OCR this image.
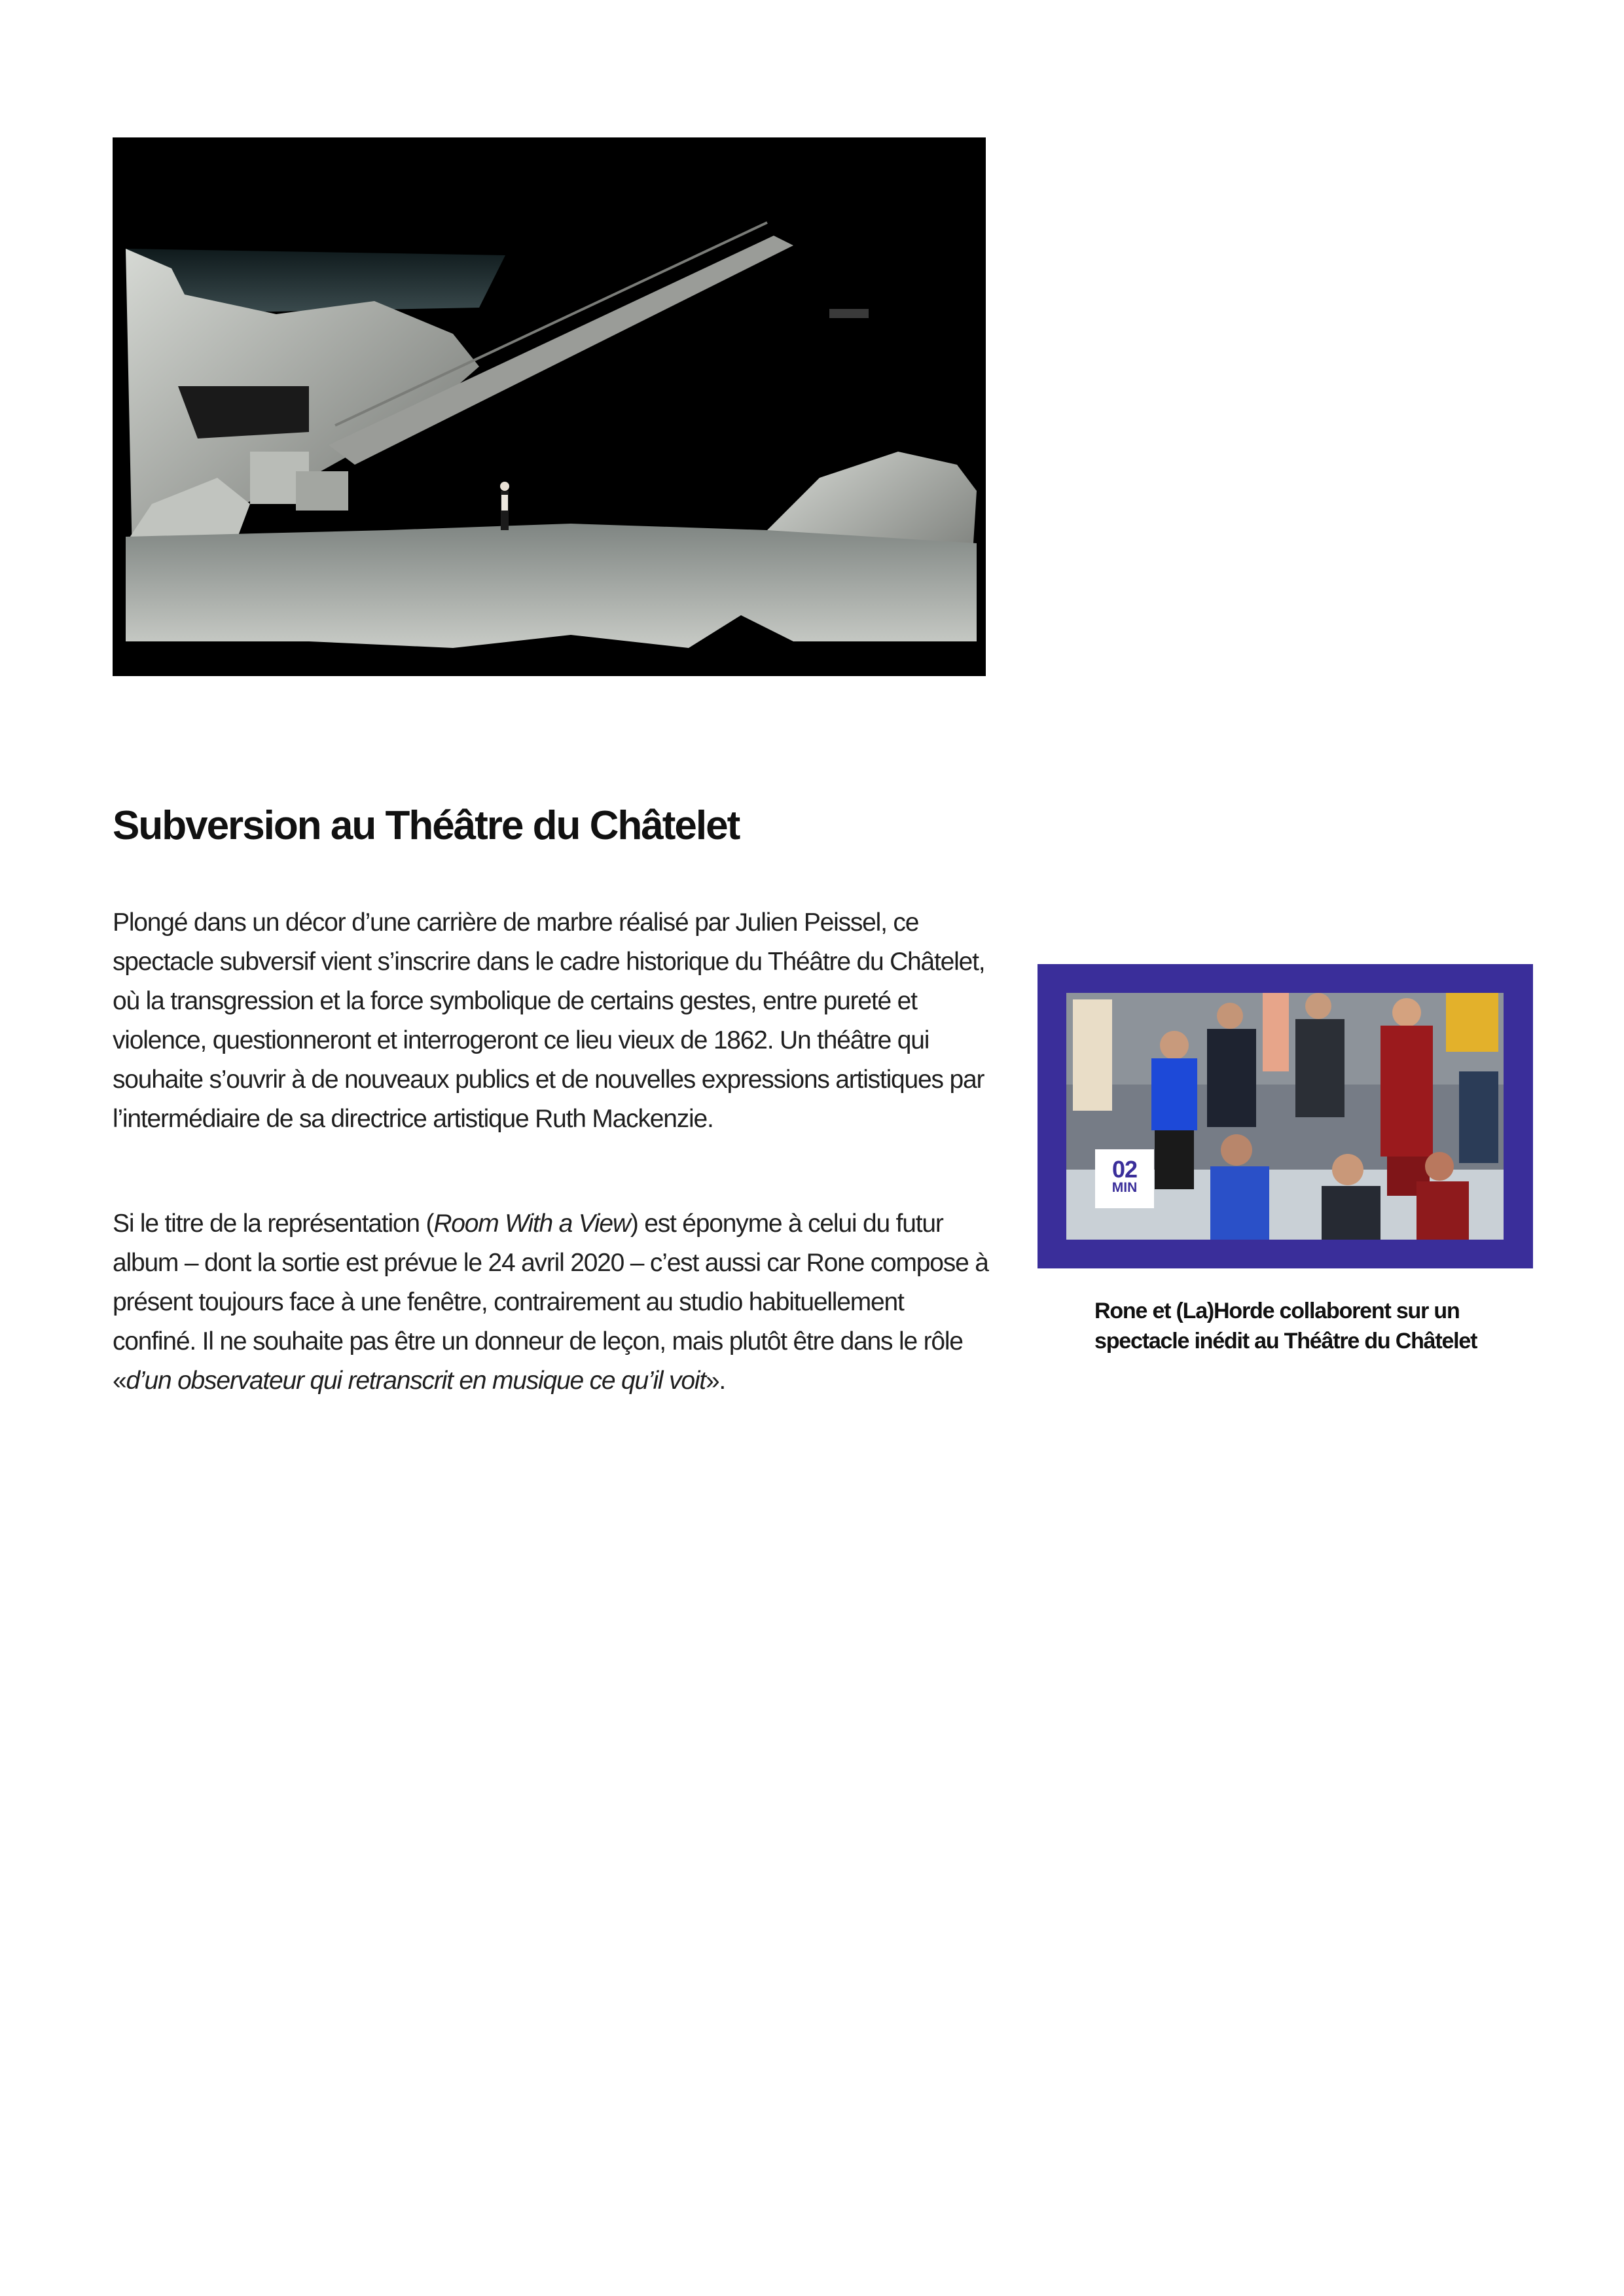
Subversion au Théâtre du Châtelet

Plongé dans un décor d’une carrière de marbre réalisé par Julien Peissel, ce spectacle subversif vient s’inscrire dans le cadre historique du Théâtre du Châtelet, où la transgression et la force symbolique de certains gestes, entre pureté et violence, questionneront et interrogeront ce lieu vieux de 1862. Un théâtre qui souhaite s’ouvrir à de nouveaux publics et de nouvelles expressions artistiques par l’intermédiaire de sa directrice artistique Ruth Mackenzie.

Si le titre de la représentation (Room With a View) est éponyme à celui du futur album – dont la sortie est prévue le 24 avril 2020 – c’est aussi car Rone compose à présent toujours face à une fenêtre, contrairement au studio habituellement confiné. Il ne souhaite pas être un donneur de leçon, mais plutôt être dans le rôle «d’un observateur qui retranscrit en musique ce qu’il voit».

02
MIN

Rone et (La)Horde collaborent sur un spectacle inédit au Théâtre du Châtelet
